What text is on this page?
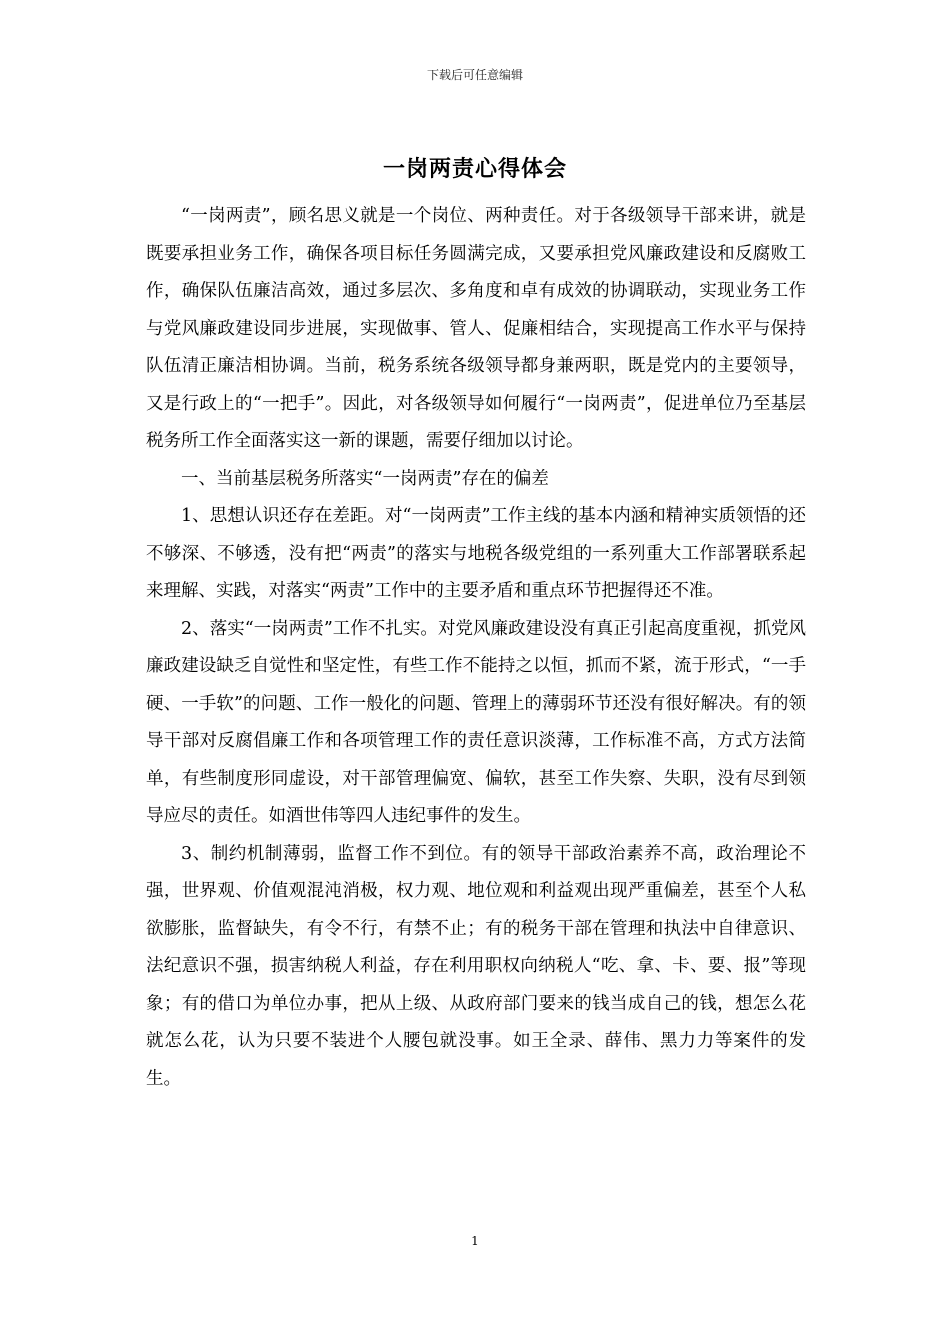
下载后可任意编辑
一岗两责心得体会

“一岗两责”，顾名思义就是一个岗位、两种责任。对于各级领导干部来讲，就是既要承担业务工作，确保各项目标任务圆满完成，又要承担党风廉政建设和反腐败工作，确保队伍廉洁高效，通过多层次、多角度和卓有成效的协调联动，实现业务工作与党风廉政建设同步进展，实现做事、管人、促廉相结合，实现提高工作水平与保持队伍清正廉洁相协调。当前，税务系统各级领导都身兼两职，既是党内的主要领导，又是行政上的“一把手”。因此，对各级领导如何履行“一岗两责”，促进单位乃至基层税务所工作全面落实这一新的课题，需要仔细加以讨论。

一、当前基层税务所落实“一岗两责”存在的偏差

1、思想认识还存在差距。对“一岗两责”工作主线的基本内涵和精神实质领悟的还不够深、不够透，没有把“两责”的落实与地税各级党组的一系列重大工作部署联系起来理解、实践，对落实“两责”工作中的主要矛盾和重点环节把握得还不准。

2、落实“一岗两责”工作不扎实。对党风廉政建设没有真正引起高度重视，抓党风廉政建设缺乏自觉性和坚定性，有些工作不能持之以恒，抓而不紧，流于形式，“一手硬、一手软”的问题、工作一般化的问题、管理上的薄弱环节还没有很好解决。有的领导干部对反腐倡廉工作和各项管理工作的责任意识淡薄，工作标准不高，方式方法简单，有些制度形同虚设，对干部管理偏宽、偏软，甚至工作失察、失职，没有尽到领导应尽的责任。如酒世伟等四人违纪事件的发生。

3、制约机制薄弱，监督工作不到位。有的领导干部政治素养不高，政治理论不强，世界观、价值观混沌消极，权力观、地位观和利益观出现严重偏差，甚至个人私欲膨胀，监督缺失，有令不行，有禁不止；有的税务干部在管理和执法中自律意识、法纪意识不强，损害纳税人利益，存在利用职权向纳税人“吃、拿、卡、要、报”等现象；有的借口为单位办事，把从上级、从政府部门要来的钱当成自己的钱，想怎么花就怎么花，认为只要不装进个人腰包就没事。如王全录、薛伟、黑力力等案件的发生。

1
